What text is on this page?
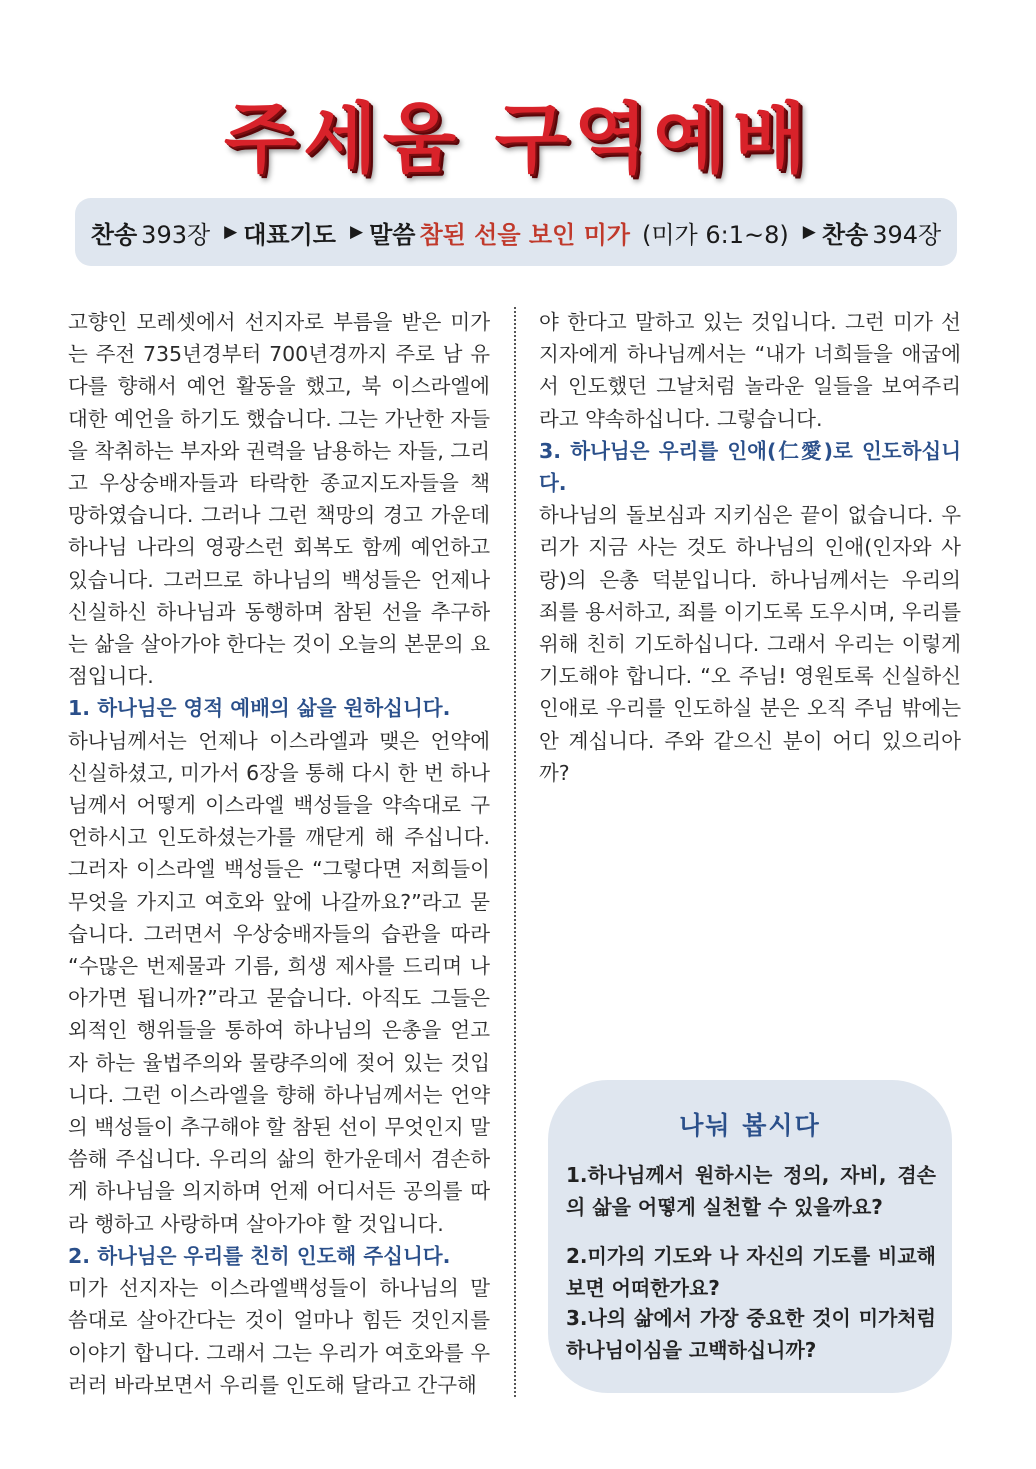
주세움 구역예배
찬송 393장 ▶ 대표기도 ▶ 말씀 참된 선을 보인 미가 (미가 6:1~8) ▶ 찬송 394장

고향인 모레셋에서 선지자로 부름을 받은 미가는 주전 735년경부터 700년경까지 주로 남 유다를 향해서 예언 활동을 했고, 북 이스라엘에 대한 예언을 하기도 했습니다. 그는 가난한 자들을 착취하는 부자와 권력을 남용하는 자들, 그리고 우상숭배자들과 타락한 종교지도자들을 책망하였습니다. 그러나 그런 책망의 경고 가운데 하나님 나라의 영광스런 회복도 함께 예언하고 있습니다. 그러므로 하나님의 백성들은 언제나 신실하신 하나님과 동행하며 참된 선을 추구하는 삶을 살아가야 한다는 것이 오늘의 본문의 요점입니다.

1. 하나님은 영적 예배의 삶을 원하십니다.

하나님께서는 언제나 이스라엘과 맺은 언약에 신실하셨고, 미가서 6장을 통해 다시 한 번 하나님께서 어떻게 이스라엘 백성들을 약속대로 구언하시고 인도하셨는가를 깨닫게 해 주십니다. 그러자 이스라엘 백성들은 “그렇다면 저희들이 무엇을 가지고 여호와 앞에 나갈까요?”라고 묻습니다. 그러면서 우상숭배자들의 습관을 따라 “수많은 번제물과 기름, 희생 제사를 드리며 나아가면 됩니까?”라고 묻습니다. 아직도 그들은 외적인 행위들을 통하여 하나님의 은총을 얻고자 하는 율법주의와 물량주의에 젖어 있는 것입니다. 그런 이스라엘을 향해 하나님께서는 언약의 백성들이 추구해야 할 참된 선이 무엇인지 말씀해 주십니다. 우리의 삶의 한가운데서 겸손하게 하나님을 의지하며 언제 어디서든 공의를 따라 행하고 사랑하며 살아가야 할 것입니다.

2. 하나님은 우리를 친히 인도해 주십니다.

미가 선지자는 이스라엘백성들이 하나님의 말씀대로 살아간다는 것이 얼마나 힘든 것인지를 이야기 합니다. 그래서 그는 우리가 여호와를 우러러 바라보면서 우리를 인도해 달라고 간구해

야 한다고 말하고 있는 것입니다. 그런 미가 선지자에게 하나님께서는 “내가 너희들을 애굽에서 인도했던 그날처럼 놀라운 일들을 보여주리라고 약속하십니다. 그렇습니다.

3. 하나님은 우리를 인애(仁愛)로 인도하십니다.

하나님의 돌보심과 지키심은 끝이 없습니다. 우리가 지금 사는 것도 하나님의 인애(인자와 사랑)의 은총 덕분입니다. 하나님께서는 우리의 죄를 용서하고, 죄를 이기도록 도우시며, 우리를 위해 친히 기도하십니다. 그래서 우리는 이렇게 기도해야 합니다. “오 주님! 영원토록 신실하신 인애로 우리를 인도하실 분은 오직 주님 밖에는 안 계십니다. 주와 같으신 분이 어디 있으리아까?

나눠 봅시다
1.하나님께서 원하시는 정의, 자비, 겸손의 삶을 어떻게 실천할 수 있을까요?
2.미가의 기도와 나 자신의 기도를 비교해 보면 어떠한가요?
3.나의 삶에서 가장 중요한 것이 미가처럼 하나님이심을 고백하십니까?
